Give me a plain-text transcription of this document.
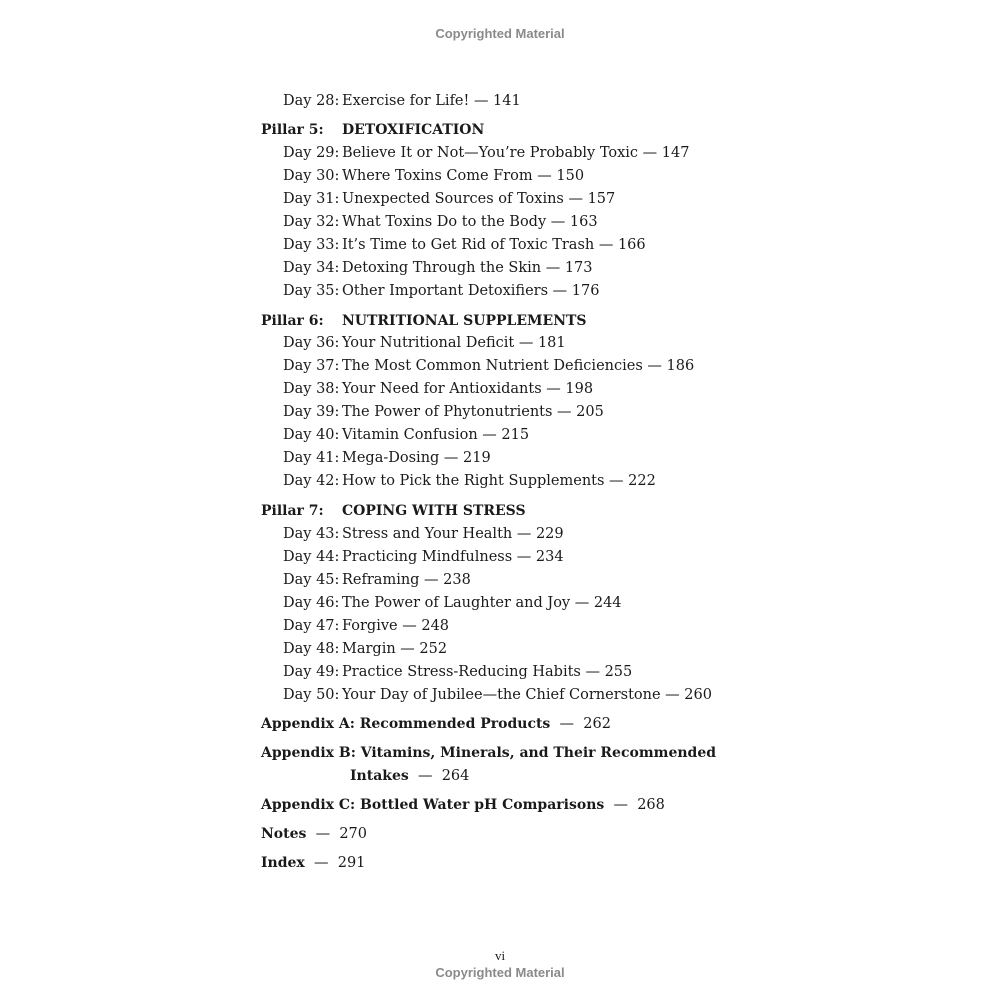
Copyrighted Material
Day 28: Exercise for Life! — 141
Pillar 5: DETOXIFICATION
Day 29: Believe It or Not—You’re Probably Toxic — 147
Day 30: Where Toxins Come From — 150
Day 31: Unexpected Sources of Toxins — 157
Day 32: What Toxins Do to the Body — 163
Day 33: It’s Time to Get Rid of Toxic Trash — 166
Day 34: Detoxing Through the Skin — 173
Day 35: Other Important Detoxifiers — 176
Pillar 6: NUTRITIONAL SUPPLEMENTS
Day 36: Your Nutritional Deficit — 181
Day 37: The Most Common Nutrient Deficiencies — 186
Day 38: Your Need for Antioxidants — 198
Day 39: The Power of Phytonutrients — 205
Day 40: Vitamin Confusion — 215
Day 41: Mega-Dosing — 219
Day 42: How to Pick the Right Supplements — 222
Pillar 7: COPING WITH STRESS
Day 43: Stress and Your Health — 229
Day 44: Practicing Mindfulness — 234
Day 45: Reframing — 238
Day 46: The Power of Laughter and Joy — 244
Day 47: Forgive — 248
Day 48: Margin — 252
Day 49: Practice Stress-Reducing Habits — 255
Day 50: Your Day of Jubilee—the Chief Cornerstone — 260
Appendix A: Recommended Products  —  262
Appendix B: Vitamins, Minerals, and Their Recommended
Intakes  —  264
Appendix C: Bottled Water pH Comparisons  —  268
Notes  —  270
Index  —  291
vi
Copyrighted Material
